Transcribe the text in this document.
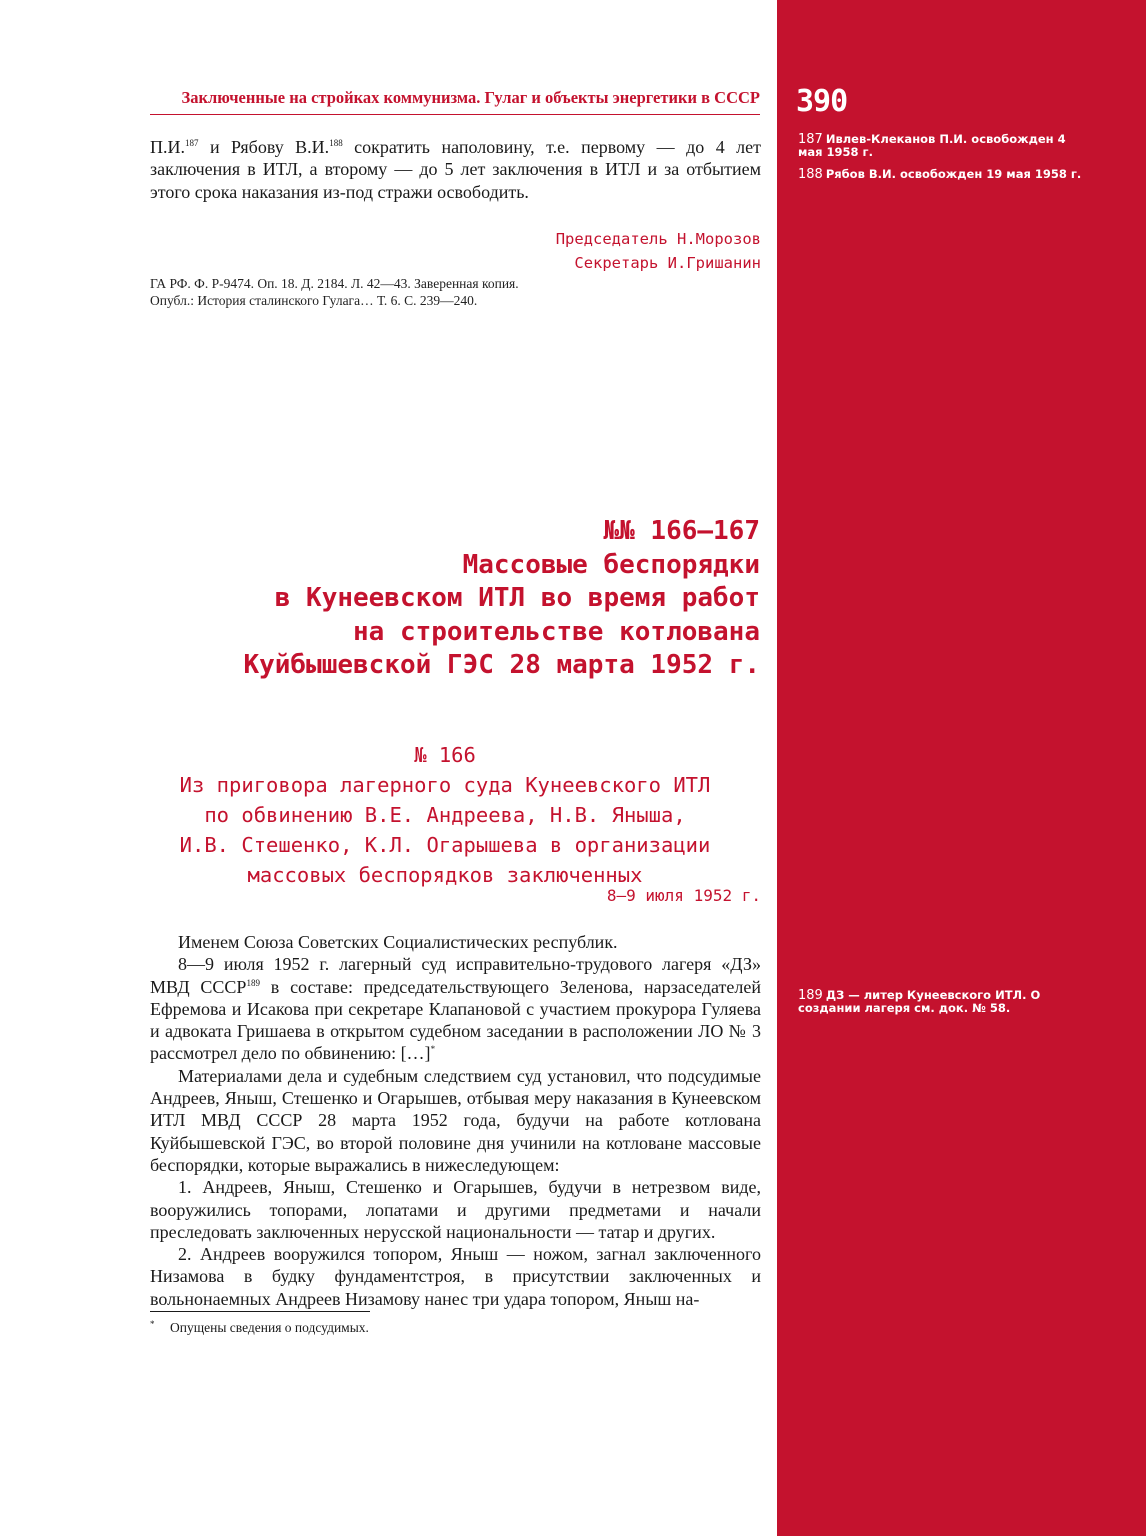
390
187 Ивлев-Клеканов П.И. освобожден 4 мая 1958 г.
188 Рябов В.И. освобожден 19 мая 1958 г.
189 ДЗ — литер Кунеевского ИТЛ. О создании лагеря см. док. № 58.
Заключенные на стройках коммунизма. Гулаг и объекты энергетики в СССР

П.И.$^{187}$ и Рябову В.И.$^{188}$ сократить наполовину, т.е. первому — до 4 лет заключения в ИТЛ, а второму — до 5 лет заключения в ИТЛ и за отбытием этого срока наказания из-под стражи освободить.

Председатель Н.Морозов
Секретарь И.Гришанин
ГА РФ. Ф. Р-9474. Оп. 18. Д. 2184. Л. 42—43. Заверенная копия.
Опубл.: История сталинского Гулага… Т. 6. С. 239—240.
№№ 166—167
Массовые беспорядки
в Кунеевском ИТЛ во время работ
на строительстве котлована
Куйбышевской ГЭС 28 марта 1952 г.
№ 166
Из приговора лагерного суда Кунеевского ИТЛ
по обвинению В.Е. Андреева, Н.В. Яныша,
И.В. Стешенко, К.Л. Огарышева в организации
массовых беспорядков заключенных
8—9 июля 1952 г.

Именем Союза Советских Социалистических республик.

8—9 июля 1952 г. лагерный суд исправительно-трудового лагеря «ДЗ» МВД СССР$^{189}$ в составе: председательствующего Зеленова, нарзаседателей Ефремова и Исакова при секретаре Клапановой с участием прокурора Гуляева и адвоката Гришаева в открытом судебном заседании в расположении ЛО № 3 рассмотрел дело по обвинению: […]*

Материалами дела и судебным следствием суд установил, что подсудимые Андреев, Яныш, Стешенко и Огарышев, отбывая меру наказания в Кунеевском ИТЛ МВД СССР 28 марта 1952 года, будучи на работе котлована Куйбышевской ГЭС, во второй половине дня учинили на котловане массовые беспорядки, которые выражались в нижеследующем:

1. Андреев, Яныш, Стешенко и Огарышев, будучи в нетрезвом виде, вооружились топорами, лопатами и другими предметами и начали преследовать заключенных нерусской национальности — татар и других.

2. Андреев вооружился топором, Яныш — ножом, загнал заключенного Низамова в будку фундаментстроя, в присутствии заключенных и вольнонаемных Андреев Низамову нанес три удара топором, Яныш на-

* Опущены сведения о подсудимых.
